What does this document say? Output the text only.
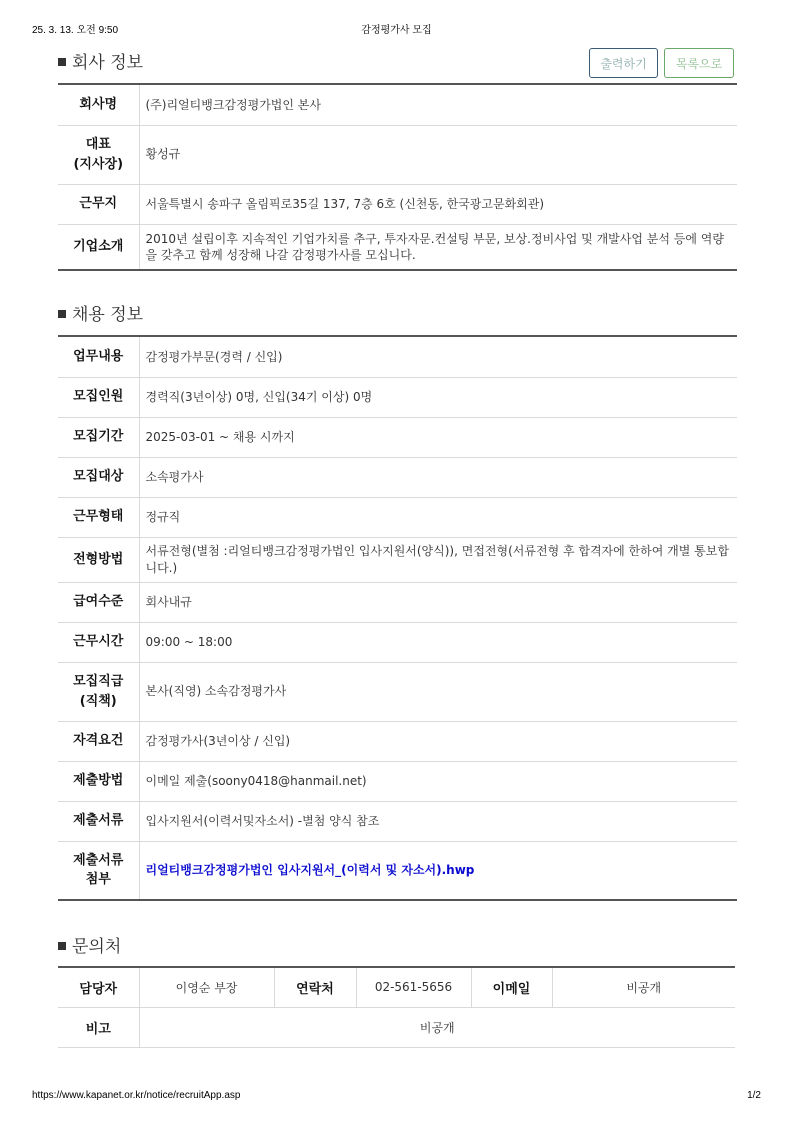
25. 3. 13. 오전 9:50	감정평가사 모집
회사 정보	출력하기	목록으로
회사명	(주)리얼티뱅크감정평가법인 본사
대표
(지사장)	황성규
근무지	서울특별시 송파구 올림픽로35길 137, 7층 6호 (신천동, 한국광고문화회관)
기업소개	2010년 설립이후 지속적인 기업가치를 추구, 투자자문.컨설팅 부문, 보상.정비사업 및 개발사업 분석 등에 역량을 갖추고 함께 성장해 나갈 감정평가사를 모십니다.
채용 정보
업무내용	감정평가부문(경력 / 신입)
모집인원	경력직(3년이상) 0명, 신입(34기 이상) 0명
모집기간	2025-03-01 ~ 채용 시까지
모집대상	소속평가사
근무형태	정규직
전형방법	서류전형(별첨 :리얼티뱅크감정평가법인 입사지원서(양식)), 면접전형(서류전형 후 합격자에 한하여 개별 통보합니다.)
급여수준	회사내규
근무시간	09:00 ~ 18:00
모집직급
(직책)	본사(직영) 소속감정평가사
자격요건	감정평가사(3년이상 / 신입)
제출방법	이메일 제출(soony0418@hanmail.net)
제출서류	입사지원서(이력서및자소서) -별첨 양식 참조
제출서류
첨부	리얼티뱅크감정평가법인 입사지원서_(이력서 및 자소서).hwp
문의처
담당자	이영순 부장	연락처	02-561-5656	이메일	비공개
비고	비공개				
https://www.kapanet.or.kr/notice/recruitApp.asp	1/2
